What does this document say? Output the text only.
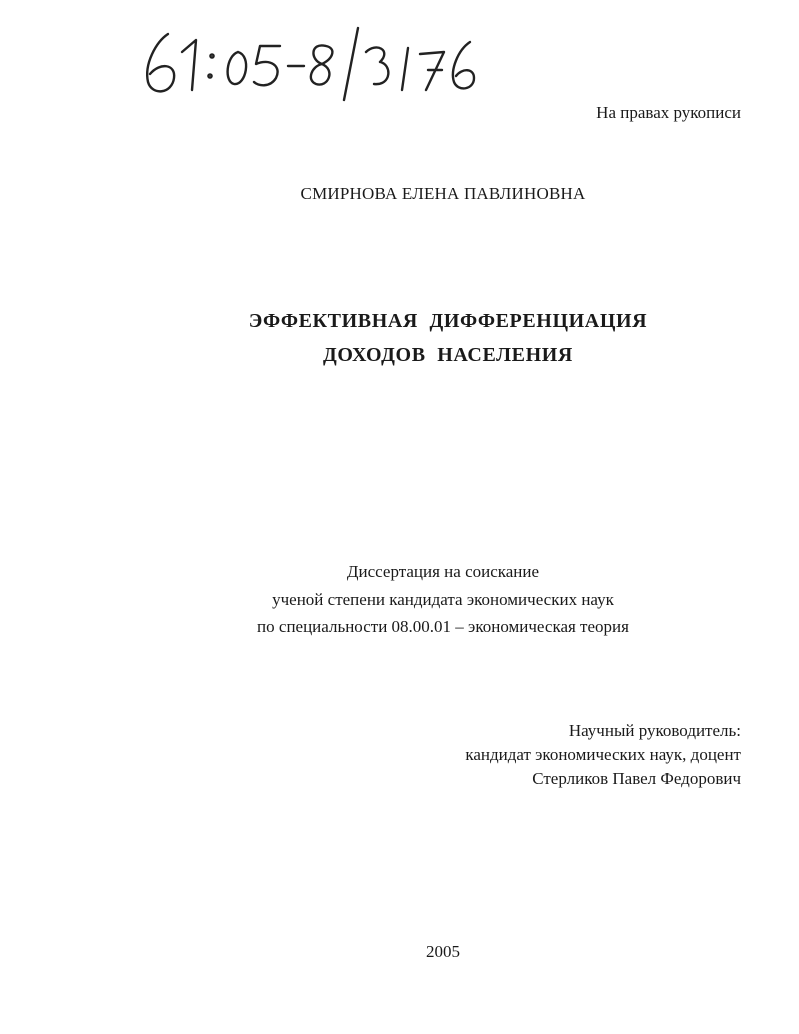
На правах рукописи
СМИРНОВА ЕЛЕНА ПАВЛИНОВНА
ЭФФЕКТИВНАЯ ДИФФЕРЕНЦИАЦИЯ
ДОХОДОВ НАСЕЛЕНИЯ
Диссертация на соискание
ученой степени кандидата экономических наук
по специальности 08.00.01 – экономическая теория
Научный руководитель:
кандидат экономических наук, доцент
Стерликов Павел Федорович
2005
